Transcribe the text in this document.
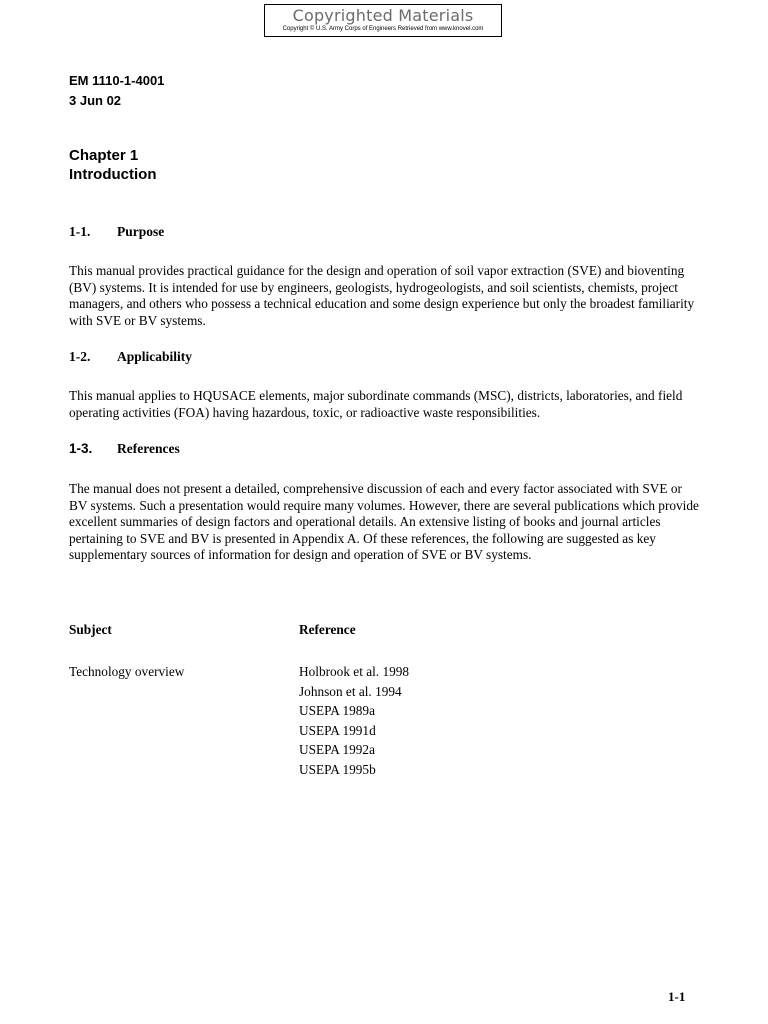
Copyrighted Materials
Copyright © U.S. Army Corps of Engineers Retrieved from www.knovel.com
EM 1110-1-4001
3 Jun 02
Chapter 1
Introduction
1-1. Purpose

This manual provides practical guidance for the design and operation of soil vapor extraction (SVE) and bioventing (BV) systems. It is intended for use by engineers, geologists, hydrogeologists, and soil scientists, chemists, project managers, and others who possess a technical education and some design experience but only the broadest familiarity with SVE or BV systems.

1-2. Applicability

This manual applies to HQUSACE elements, major subordinate commands (MSC), districts, laboratories, and field operating activities (FOA) having hazardous, toxic, or radioactive waste responsibilities.

1-3. References

The manual does not present a detailed, comprehensive discussion of each and every factor associated with SVE or BV systems. Such a presentation would require many volumes. However, there are several publications which provide excellent summaries of design factors and operational details. An extensive listing of books and journal articles pertaining to SVE and BV is presented in Appendix A. Of these references, the following are suggested as key supplementary sources of information for design and operation of SVE or BV systems.

Subject	Reference
Technology overview	Holbrook et al. 1998
Johnson et al. 1994
USEPA 1989a
USEPA 1991d
USEPA 1992a
USEPA 1995b
1-1
